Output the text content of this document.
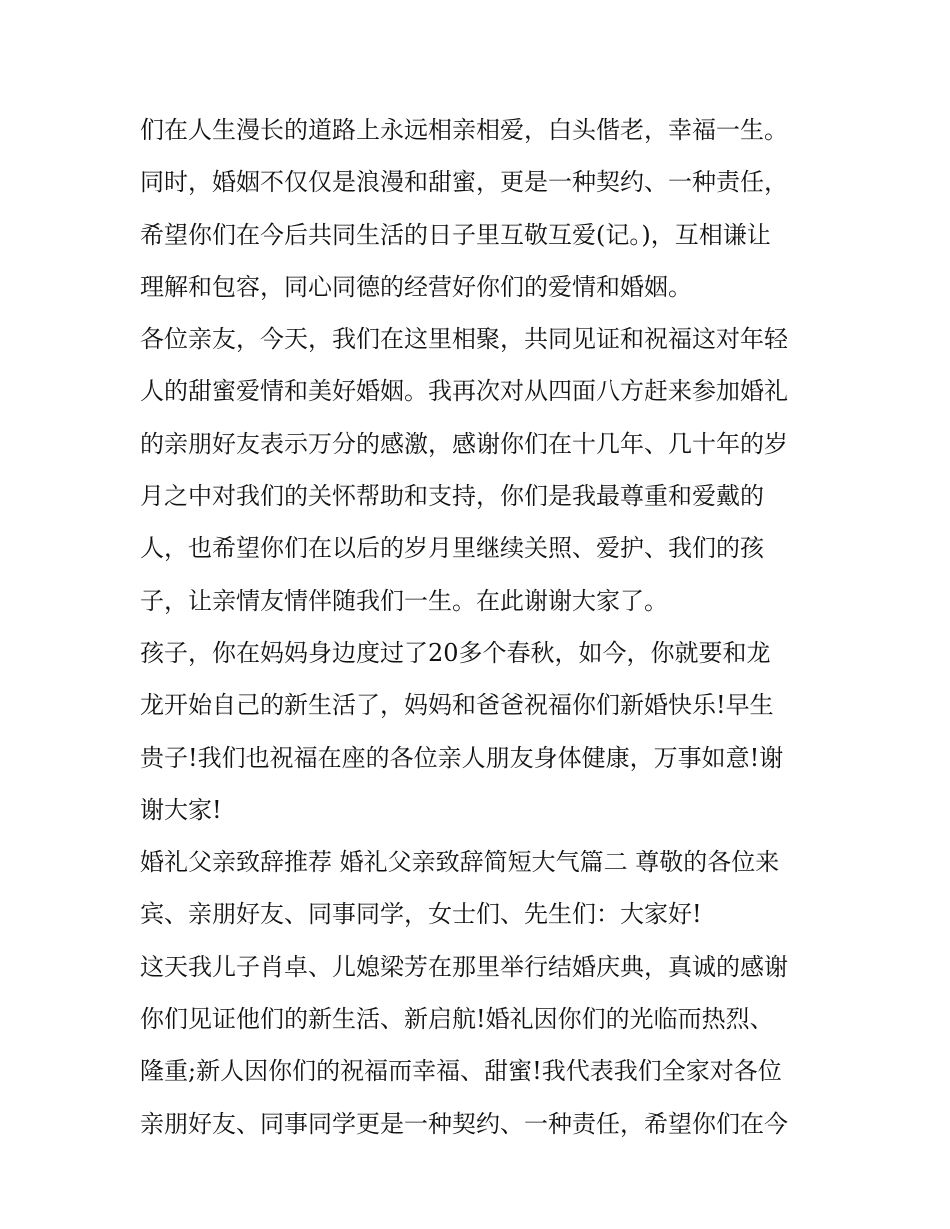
们在人生漫长的道路上永远相亲相爱，白头偕老，幸福一生。
同时，婚姻不仅仅是浪漫和甜蜜，更是一种契约、一种责任，
希望你们在今后共同生活的日子里互敬互爱(记。)，互相谦让
理解和包容，同心同德的经营好你们的爱情和婚姻。
各位亲友，今天，我们在这里相聚，共同见证和祝福这对年轻
人的甜蜜爱情和美好婚姻。我再次对从四面八方赶来参加婚礼
的亲朋好友表示万分的感激，感谢你们在十几年、几十年的岁
月之中对我们的关怀帮助和支持，你们是我最尊重和爱戴的
人，也希望你们在以后的岁月里继续关照、爱护、我们的孩
子，让亲情友情伴随我们一生。在此谢谢大家了。
孩子，你在妈妈身边度过了20多个春秋，如今，你就要和龙
龙开始自己的新生活了，妈妈和爸爸祝福你们新婚快乐!早生
贵子!我们也祝福在座的各位亲人朋友身体健康，万事如意!谢
谢大家!
婚礼父亲致辞推荐 婚礼父亲致辞简短大气篇二 尊敬的各位来
宾、亲朋好友、同事同学，女士们、先生们：大家好!
这天我儿子肖卓、儿媳梁芳在那里举行结婚庆典，真诚的感谢
你们见证他们的新生活、新启航!婚礼因你们的光临而热烈、
隆重;新人因你们的祝福而幸福、甜蜜!我代表我们全家对各位
亲朋好友、同事同学更是一种契约、一种责任，希望你们在今
